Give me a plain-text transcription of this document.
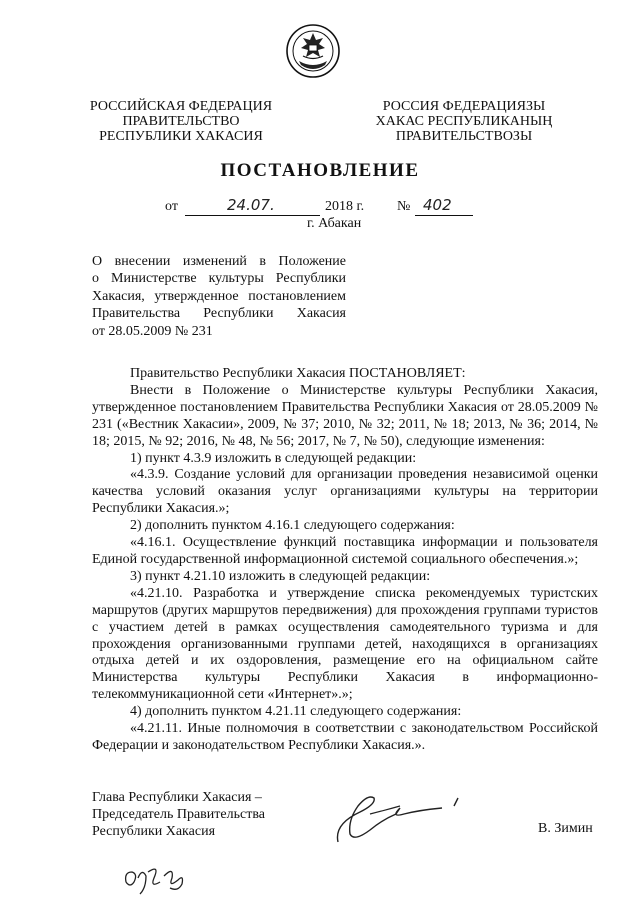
РОССИЙСКАЯ ФЕДЕРАЦИЯ
ПРАВИТЕЛЬСТВО
РЕСПУБЛИКИ ХАКАСИЯ
РОССИЯ ФЕДЕРАЦИЯЗЫ
ХАКАС РЕСПУБЛИКАНЫҢ
ПРАВИТЕЛЬСТВОЗЫ
ПОСТАНОВЛЕНИЕ
от	24.07.	2018 г. № 402
г. Абакан
О внесении изменений в Положение
о Министерстве культуры Республики
Хакасия, утвержденное постановлением
Правительства Республики Хакасия
от 28.05.2009 № 231

Правительство Республики Хакасия ПОСТАНОВЛЯЕТ:

Внести в Положение о Министерстве культуры Республики Хакасия, утвержденное постановлением Правительства Республики Хакасия от 28.05.2009 № 231 («Вестник Хакасии», 2009, № 37; 2010, № 32; 2011, № 18; 2013, № 36; 2014, № 18; 2015, № 92; 2016, № 48, № 56; 2017, № 7, № 50), следующие изменения:

1) пункт 4.3.9 изложить в следующей редакции:

«4.3.9. Создание условий для организации проведения независимой оценки качества условий оказания услуг организациями культуры на территории Республики Хакасия.»;

2) дополнить пунктом 4.16.1 следующего содержания:

«4.16.1. Осуществление функций поставщика информации и пользователя Единой государственной информационной системой социального обеспечения.»;

3) пункт 4.21.10 изложить в следующей редакции:

«4.21.10. Разработка и утверждение списка рекомендуемых туристских маршрутов (других маршрутов передвижения) для прохождения группами туристов с участием детей в рамках осуществления самодеятельного туризма и для прохождения организованными группами детей, находящихся в организациях отдыха детей и их оздоровления, размещение его на официальном сайте Министерства культуры Республики Хакасия в информационно-телекоммуникационной сети «Интернет».»;

4) дополнить пунктом 4.21.11 следующего содержания:

«4.21.11. Иные полномочия в соответствии с законодательством Российской Федерации и законодательством Республики Хакасия.».

Глава Республики Хакасия –
Председатель Правительства
Республики Хакасия	В. Зимин
